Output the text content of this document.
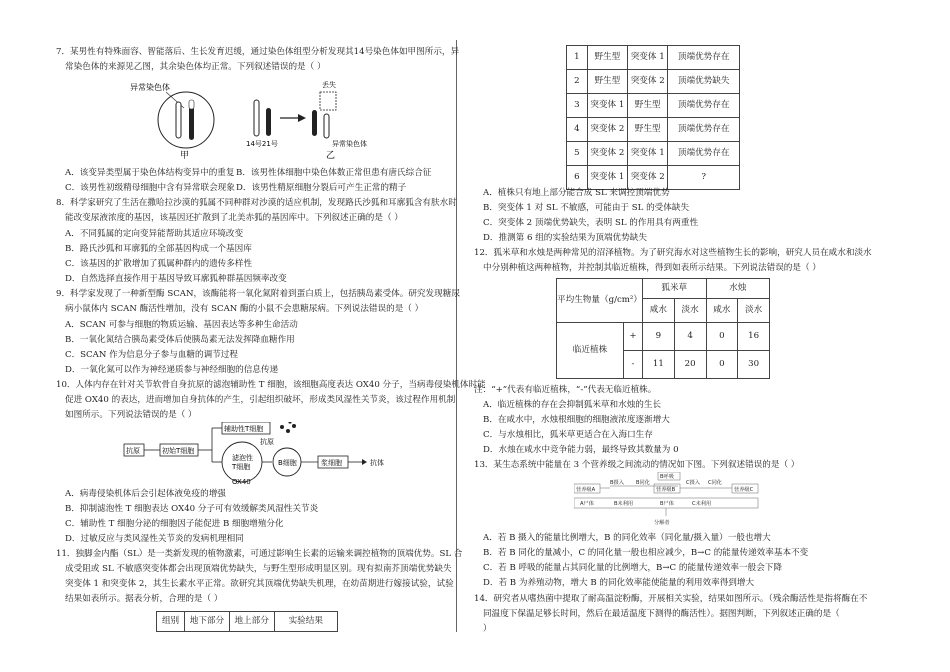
7．某男性有特殊面容、智能落后、生长发育迟缓，通过染色体组型分析发现其14号染色体如甲图所示，异
常染色体的来源见乙图，其余染色体均正常。下列叙述错误的是（ ）
异常染色体
甲
14号21号
丢失
异常染色体
乙
A．该变异类型属于染色体结构变异中的重复 B．该男性体细胞中染色体数正常但患有唐氏综合征
C．该男性初级精母细胞中含有异常联会现象 D．该男性精原细胞分裂后可产生正常的精子
8．科学家研究了生活在撒哈拉沙漠的狐属不同种群对沙漠的适应机制，发现路氏沙狐和耳廓狐含有肤水时
能改变尿液浓度的基因，该基因还扩散到了北美赤狐的基因库中。下列叙述正确的是（ ）
A．不同狐属的定向变异能帮助其适应环境改变
B．路氏沙狐和耳廓狐的全部基因构成一个基因库
C．该基因的扩散增加了狐属种群内的遗传多样性
D．自然选择直接作用于基因导致耳廓狐种群基因频率改变
9．科学家发现了一种新型酶 SCAN，该酶能将一氧化氮附着到蛋白质上，包括胰岛素受体。研究发现糖尿
病小鼠体内 SCAN 酶活性增加，没有 SCAN 酶的小鼠不会患糖尿病。下列说法错误的是（ ）
A．SCAN 可参与细胞的物质运输、基因表达等多种生命活动
B．一氧化氮结合胰岛素受体后使胰岛素无法发挥降血糖作用
C．SCAN 作为信息分子参与血糖的调节过程
D．一氧化氮可以作为神经递质参与神经细胞的信息传递
10．人体内存在针对关节软骨自身抗原的滤泡辅助性 T 细胞，该细胞高度表达 OX40 分子，当病毒侵染机体时能
促进 OX40 的表达，进而增加自身抗体的产生，引起组织破坏，形成类风湿性关节炎，该过程作用机制
如图所示。下列说法错误的是（ ）
抗原	初始T细胞
辅助性T细胞
滤泡性
T细胞
抗原
OX40
B细胞	浆细胞	抗体
A．病毒侵染机体后会引起体液免疫的增强
B．抑制滤泡性 T 细胞表达 OX40 分子可有效缓解类风湿性关节炎
C．辅助性 T 细胞分泌的细胞因子能促进 B 细胞增殖分化
D．过敏反应与类风湿性关节炎的发病机理相同
11．独脚金内酯（SL）是一类新发现的植物激素，可通过影响生长素的运输来调控植物的顶端优势。SL 合
成受阻或 SL 不敏感突变体都会出现顶端优势缺失，与野生型形成明显区别。现有拟南芥顶端优势缺失
突变体 1 和突变体 2，其生长素水平正常。欲研究其顶端优势缺失机理，在幼苗期进行嫁接试验，试验
结果如表所示。据表分析，合理的是（ ）
组别	地下部分	地上部分	实验结果
1	野生型	突变体 1	顶端优势存在
2	野生型	突变体 2	顶端优势缺失
3	突变体 1	野生型	顶端优势存在
4	突变体 2	野生型	顶端优势存在
5	突变体 2	突变体 1	顶端优势存在
6	突变体 1	突变体 2	?
A．植株只有地上部分能合成 SL 来调控顶端优势
B．突变体 1 对 SL 不敏感，可能由于 SL 的受体缺失
C．突变体 2 顶端优势缺失，表明 SL 的作用具有两重性
D．推测第 6 组的实验结果为顶端优势缺失
12．狐米草和水烛是两种常见的沼泽植物。为了研究海水对这些植物生长的影响，研究人员在咸水和淡水
中分别种植这两种植物，并控制其临近植株，得到如表所示结果。下列说法错误的是（ ）
平均生物量（g/cm²）		狐米草		水烛	
		咸水	淡水	咸水	淡水
临近植株	+	9	4	0	16
	-	11	20	0	30
注：“+”代表有临近植株，“-”代表无临近植株。
A．临近植株的存在会抑制狐米草和水烛的生长
B．在咸水中，水烛根细胞的细胞液浓度逐渐增大
C．与水烛相比，狐米草更适合在入海口生存
D．水烛在咸水中竞争能力弱，最终导致其数量为 0
13．某生态系统中能量在 3 个营养级之间流动的情况如下图。下列叙述错误的是（ ）
营养级A
B摄入 B同化
营养级B
B呼吸
C摄入 C同化
营养级C
A尸体	B未利用	B尸体	C未利用
分解者
A．若 B 摄入的能量比例增大，B 的同化效率（同化量/摄入量）一般也增大
B．若 B 同化的量减小，C 的同化量一般也相应减少，B→C 的能量传递效率基本不变
C．若 B 呼吸的能量占其同化量的比例增大，B→C 的能量传递效率一般会下降
D．若 B 为养殖动物，增大 B 的同化效率能使能量的利用效率得到增大
14．研究者从嗜热菌中提取了耐高温淀粉酶，开展相关实验，结果如图所示。（残余酶活性是指将酶在不
同温度下保温足够长时间，然后在最适温度下测得的酶活性）。据图判断，下列叙述正确的是（
）
